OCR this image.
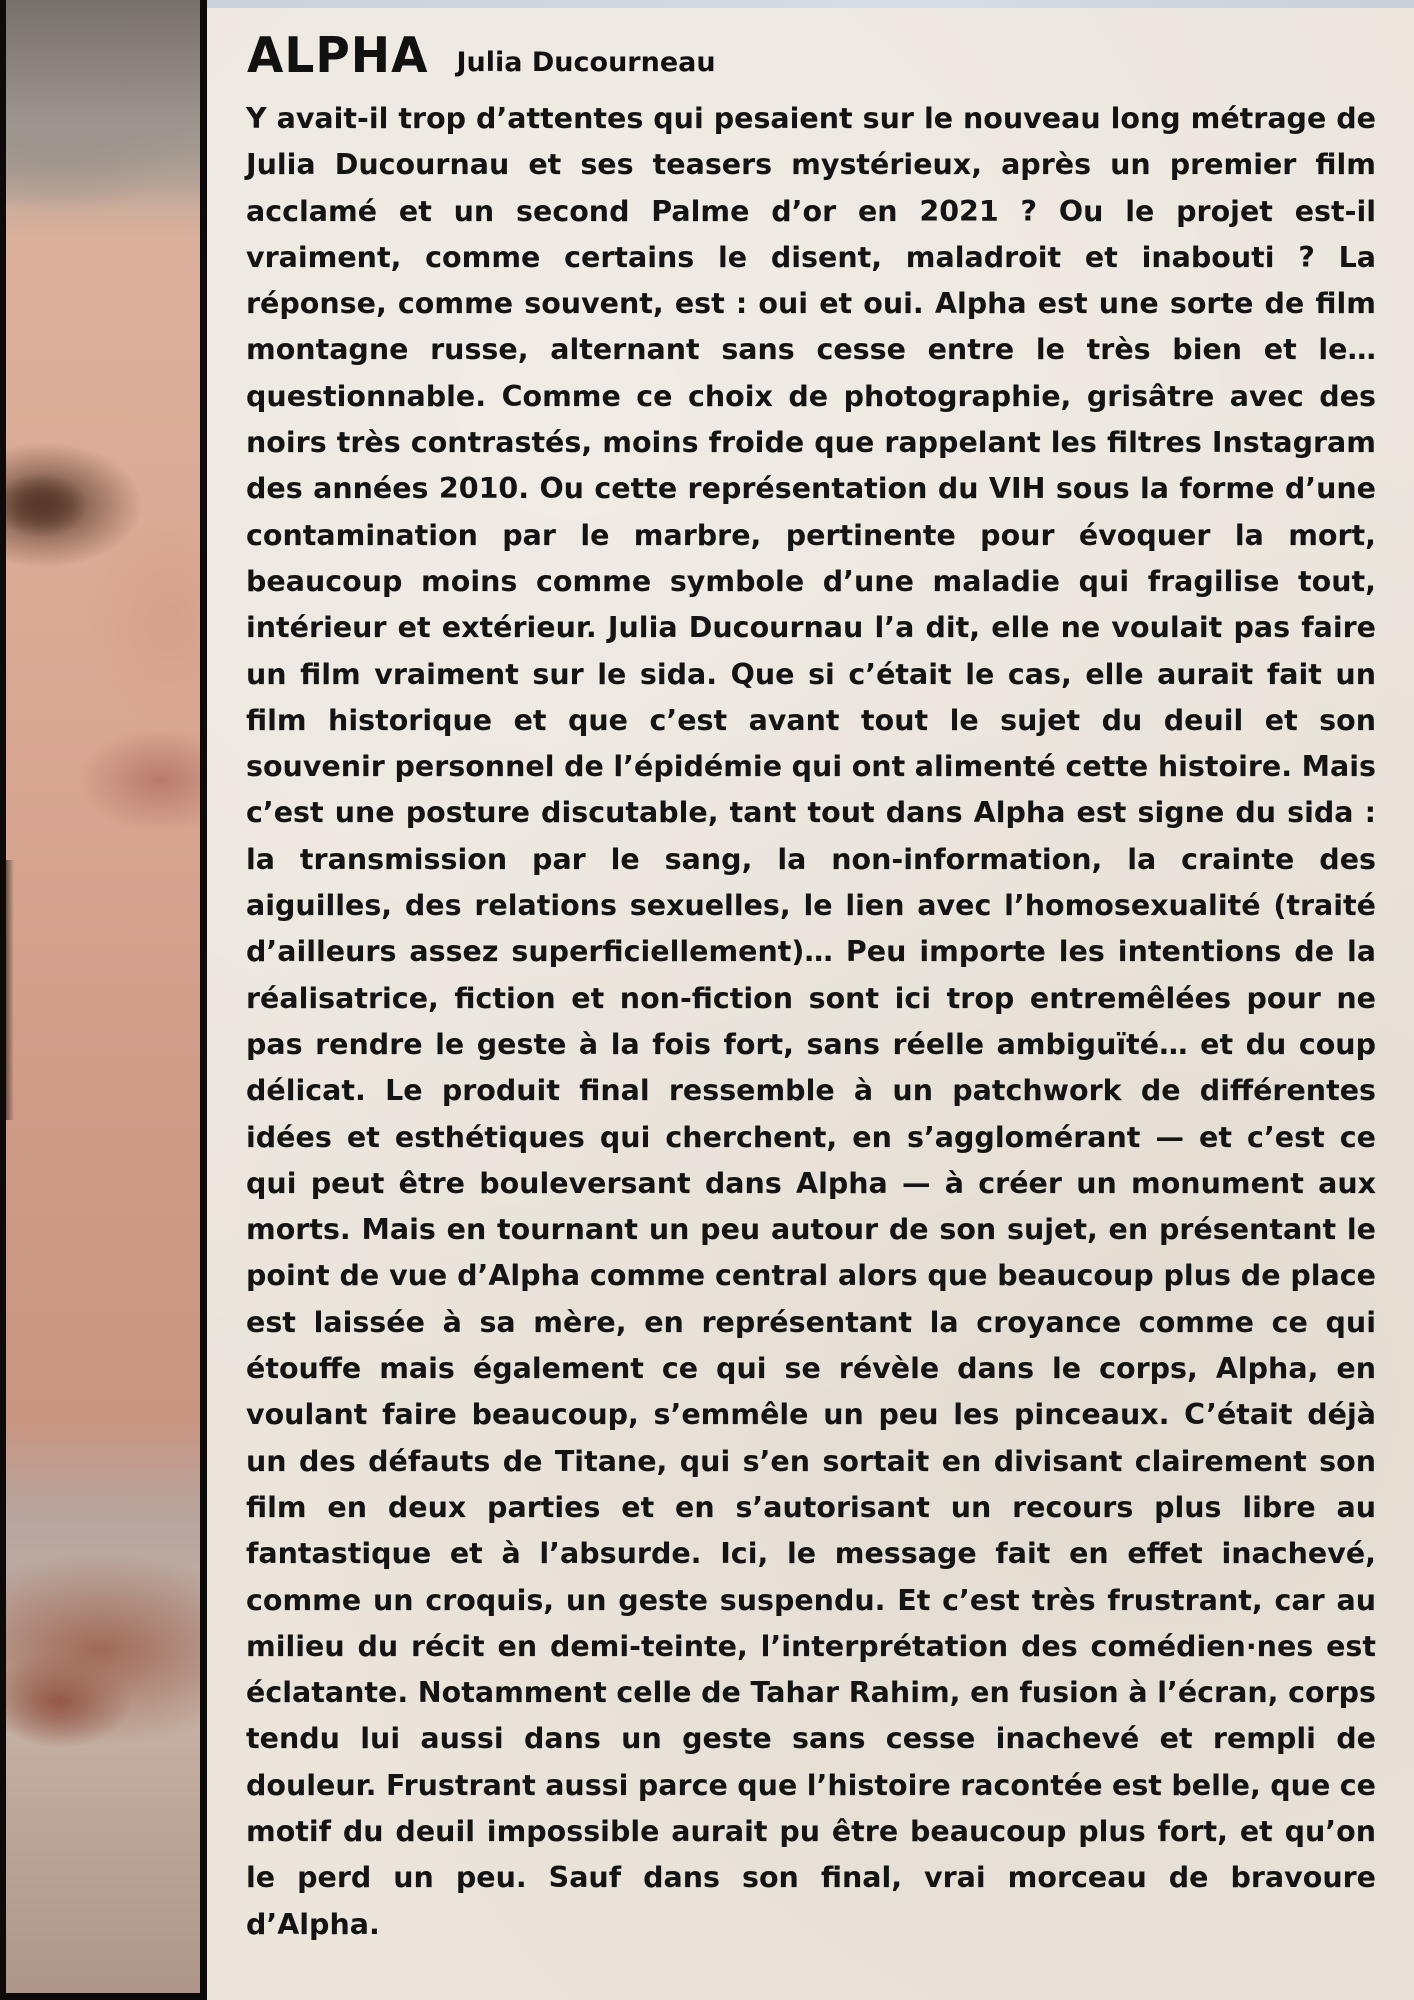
ALPHA Julia Ducourneau

Y avait-il trop d’attentes qui pesaient sur le nouveau long métrage de Julia Ducournau et ses teasers mystérieux, après un premier film acclamé et un second Palme d’or en 2021 ? Ou le projet est-il vraiment, comme certains le disent, maladroit et inabouti ? La réponse, comme souvent, est : oui et oui. Alpha est une sorte de film montagne russe, alternant sans cesse entre le très bien et le… questionnable. Comme ce choix de photographie, grisâtre avec des noirs très contrastés, moins froide que rappelant les filtres Instagram des années 2010. Ou cette représentation du VIH sous la forme d’une contamination par le marbre, pertinente pour évoquer la mort, beaucoup moins comme symbole d’une maladie qui fragilise tout, intérieur et extérieur. Julia Ducournau l’a dit, elle ne voulait pas faire un film vraiment sur le sida. Que si c’était le cas, elle aurait fait un film historique et que c’est avant tout le sujet du deuil et son souvenir personnel de l’épidémie qui ont alimenté cette histoire. Mais c’est une posture discutable, tant tout dans Alpha est signe du sida : la transmission par le sang, la non-information, la crainte des aiguilles, des relations sexuelles, le lien avec l’homosexualité (traité d’ailleurs assez superficiellement)… Peu importe les intentions de la réalisatrice, fiction et non-fiction sont ici trop entremêlées pour ne pas rendre le geste à la fois fort, sans réelle ambiguïté… et du coup délicat. Le produit final ressemble à un patchwork de différentes idées et esthétiques qui cherchent, en s’agglomérant — et c’est ce qui peut être bouleversant dans Alpha — à créer un monument aux morts. Mais en tournant un peu autour de son sujet, en présentant le point de vue d’Alpha comme central alors que beaucoup plus de place est laissée à sa mère, en représentant la croyance comme ce qui étouffe mais également ce qui se révèle dans le corps, Alpha, en voulant faire beaucoup, s’emmêle un peu les pinceaux. C’était déjà un des défauts de Titane, qui s’en sortait en divisant clairement son film en deux parties et en s’autorisant un recours plus libre au fantastique et à l’absurde. Ici, le message fait en effet inachevé, comme un croquis, un geste suspendu. Et c’est très frustrant, car au milieu du récit en demi-teinte, l’interprétation des comédien·nes est éclatante. Notamment celle de Tahar Rahim, en fusion à l’écran, corps tendu lui aussi dans un geste sans cesse inachevé et rempli de douleur. Frustrant aussi parce que l’histoire racontée est belle, que ce motif du deuil impossible aurait pu être beaucoup plus fort, et qu’on le perd un peu. Sauf dans son final, vrai morceau de bravoure d’Alpha.
